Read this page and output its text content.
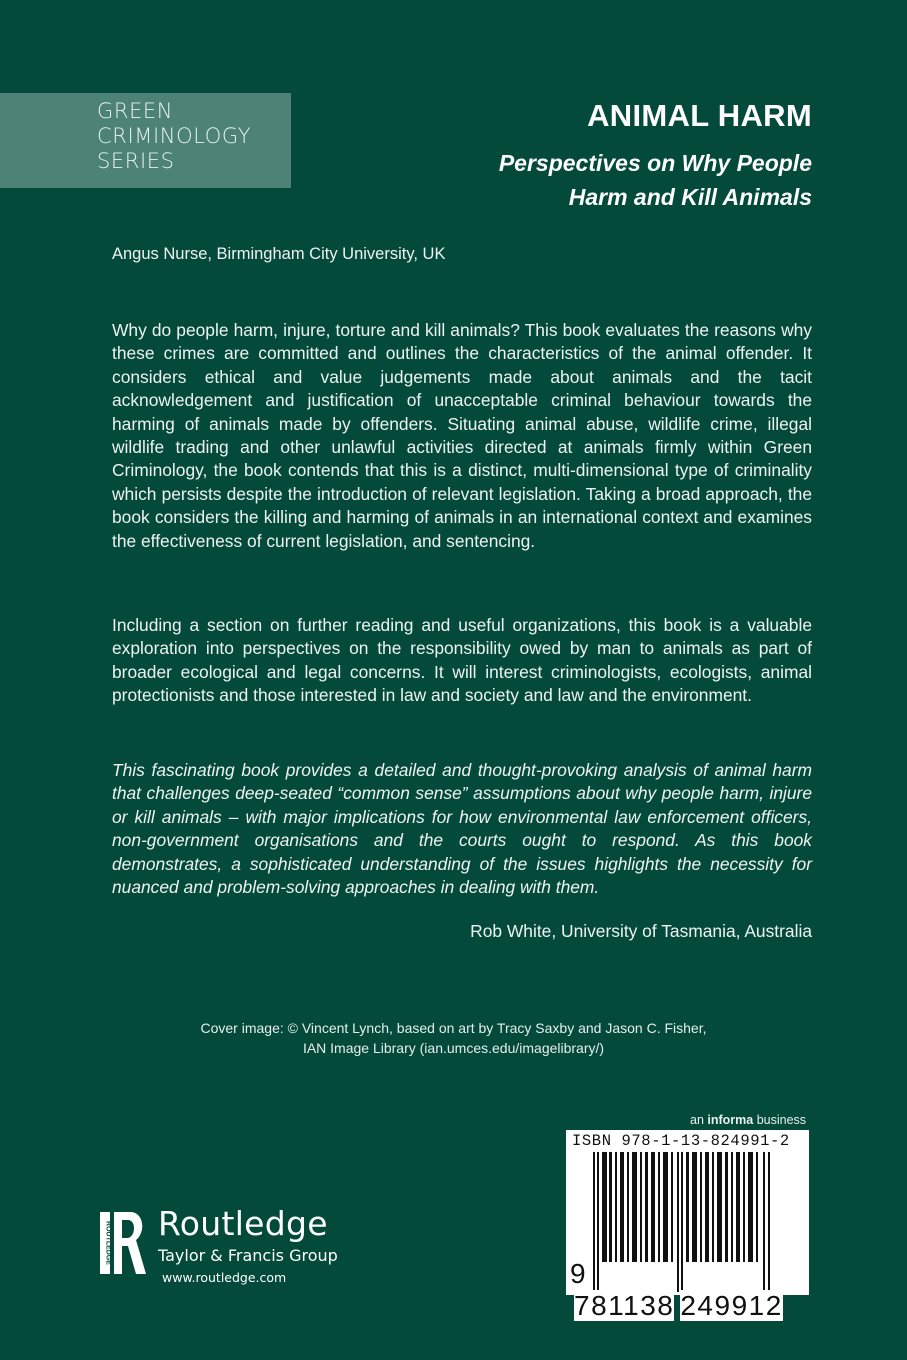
GREEN
CRIMINOLOGY
SERIES
ANIMAL HARM
Perspectives on Why People
Harm and Kill Animals
Angus Nurse, Birmingham City University, UK
Why do people harm, injure, torture and kill animals? This book evaluates the reasons why these crimes are committed and outlines the characteristics of the animal offender. It considers ethical and value judgements made about animals and the tacit acknowledgement and justification of unacceptable criminal behaviour towards the harming of animals made by offenders. Situating animal abuse, wildlife crime, illegal wildlife trading and other unlawful activities directed at animals firmly within Green Criminology, the book contends that this is a distinct, multi-dimensional type of criminality which persists despite the introduction of relevant legislation. Taking a broad approach, the book considers the killing and harming of animals in an international context and examines the effectiveness of current legislation, and sentencing.
Including a section on further reading and useful organizations, this book is a valuable exploration into perspectives on the responsibility owed by man to animals as part of broader ecological and legal concerns. It will interest criminologists, ecologists, animal protectionists and those interested in law and society and law and the environment.
This fascinating book provides a detailed and thought-provoking analysis of animal harm that challenges deep-seated “common sense” assumptions about why people harm, injure or kill animals – with major implications for how environmental law enforcement officers, non-government organisations and the courts ought to respond. As this book demonstrates, a sophisticated understanding of the issues highlights the necessity for nuanced and problem-solving approaches in dealing with them.
Rob White, University of Tasmania, Australia
Cover image: © Vincent Lynch, based on art by Tracy Saxby and Jason C. Fisher,
IAN Image Library (ian.umces.edu/imagelibrary/)
an informa business
ISBN 978-1-13-824991-2
9 781138 249912
ROUTLEDGE Routledge
Taylor & Francis Group
www.routledge.com
